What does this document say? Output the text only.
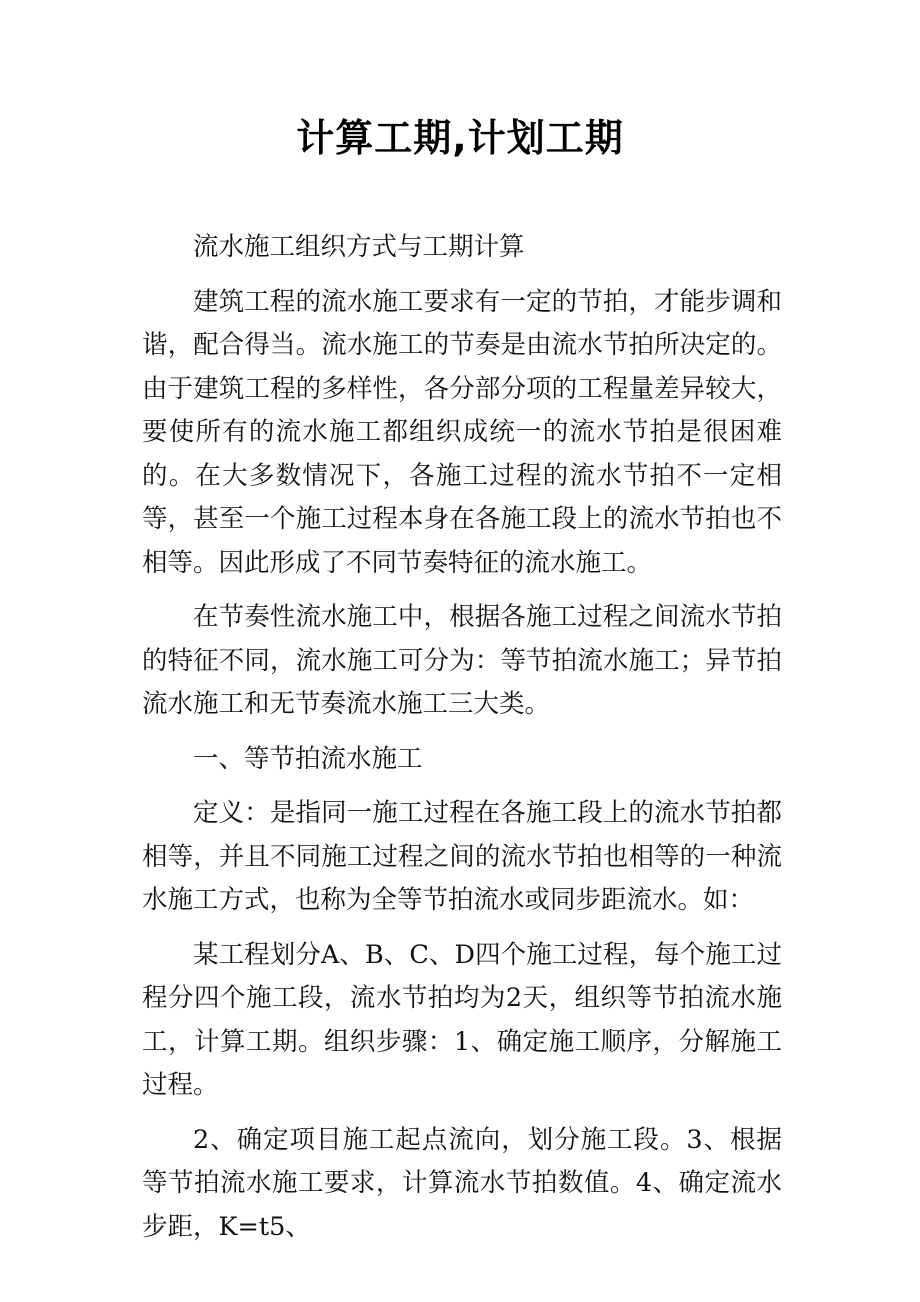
计算工期,计划工期

流水施工组织方式与工期计算

建筑工程的流水施工要求有一定的节拍，才能步调和谐，配合得当。流水施工的节奏是由流水节拍所决定的。由于建筑工程的多样性，各分部分项的工程量差异较大，要使所有的流水施工都组织成统一的流水节拍是很困难的。在大多数情况下，各施工过程的流水节拍不一定相等，甚至一个施工过程本身在各施工段上的流水节拍也不相等。因此形成了不同节奏特征的流水施工。

在节奏性流水施工中，根据各施工过程之间流水节拍的特征不同，流水施工可分为：等节拍流水施工；异节拍流水施工和无节奏流水施工三大类。

一、等节拍流水施工

定义：是指同一施工过程在各施工段上的流水节拍都相等，并且不同施工过程之间的流水节拍也相等的一种流水施工方式，也称为全等节拍流水或同步距流水。如：

某工程划分A、B、C、D四个施工过程，每个施工过程分四个施工段，流水节拍均为2天，组织等节拍流水施工，计算工期。组织步骤：1、确定施工顺序，分解施工过程。

2、确定项目施工起点流向，划分施工段。3、根据等节拍流水施工要求，计算流水节拍数值。4、确定流水步距，K=t5、
